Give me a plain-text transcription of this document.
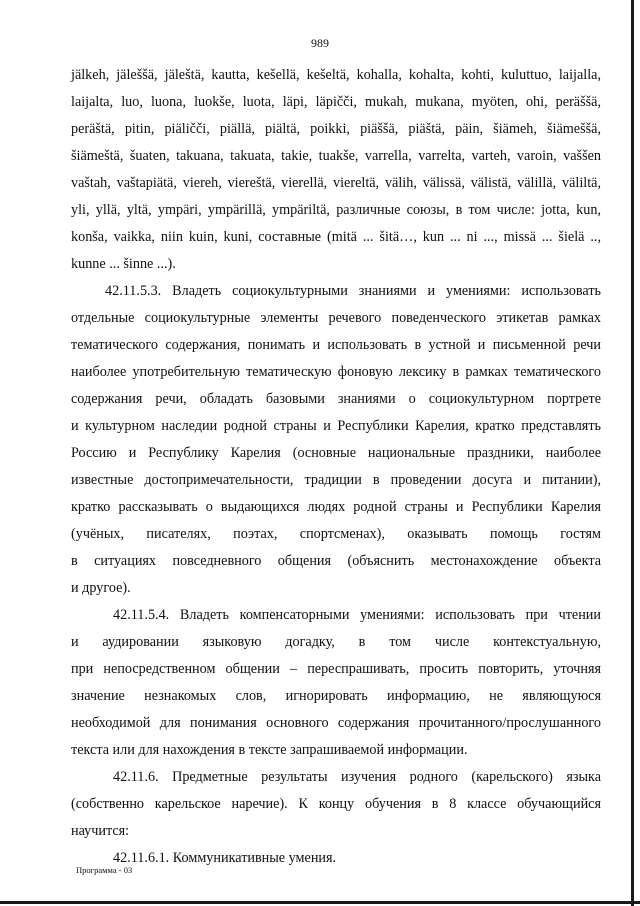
989
jälkeh, jäleššä, jäleštä, kautta, kešellä, kešeltä, kohalla, kohalta, kohti, kuluttuo, laijalla,
laijalta, luo, luona, luokše, luota, läpi, läpičči, mukah, mukana, myöten, ohi, peräššä,
peräštä, pitin, piäličči, piällä, piältä, poikki, piäššä, piäštä, päin, šiämeh, šiämeššä,
šiämeštä, šuaten, takuana, takuata, takie, tuakše, varrella, varrelta, varteh, varoin, vaššen
vaštah, vaštapiätä, viereh, viereštä, vierellä, viereltä, välih, välissä, välistä, välillä, väliltä,
yli, yllä, yltä, ympäri, ympärillä, ympäriltä, различные союзы, в том числе: jotta, kun,
konša, vaikka, niin kuin, kuni, составные (mitä ... šitä…, kun ... ni ..., missä ... šielä ..,
kunne ... šinne ...).
42.11.5.3. Владеть социокультурными знаниями и умениями: использовать
отдельные социокультурные элементы речевого поведенческого этикетав рамках
тематического содержания, понимать и использовать в устной и письменной речи
наиболее употребительную тематическую фоновую лексику в рамках тематического
содержания речи, обладать базовыми знаниями о социокультурном портрете
и культурном наследии родной страны и Республики Карелия, кратко представлять
Россию и Республику Карелия (основные национальные праздники, наиболее
известные достопримечательности, традиции в проведении досуга и питании),
кратко рассказывать о выдающихся людях родной страны и Республики Карелия
(учёных, писателях, поэтах, спортсменах), оказывать помощь гостям
в ситуациях повседневного общения (объяснить местонахождение объекта
и другое).
42.11.5.4. Владеть компенсаторными умениями: использовать при чтении
и аудировании языковую догадку, в том числе контекстуальную,
при непосредственном общении – переспрашивать, просить повторить, уточняя
значение незнакомых слов, игнорировать информацию, не являющуюся
необходимой для понимания основного содержания прочитанного/прослушанного
текста или для нахождения в тексте запрашиваемой информации.
42.11.6. Предметные результаты изучения родного (карельского) языка
(собственно карельское наречие). К концу обучения в 8 классе обучающийся
научится:
42.11.6.1. Коммуникативные умения.
Программа - 03
